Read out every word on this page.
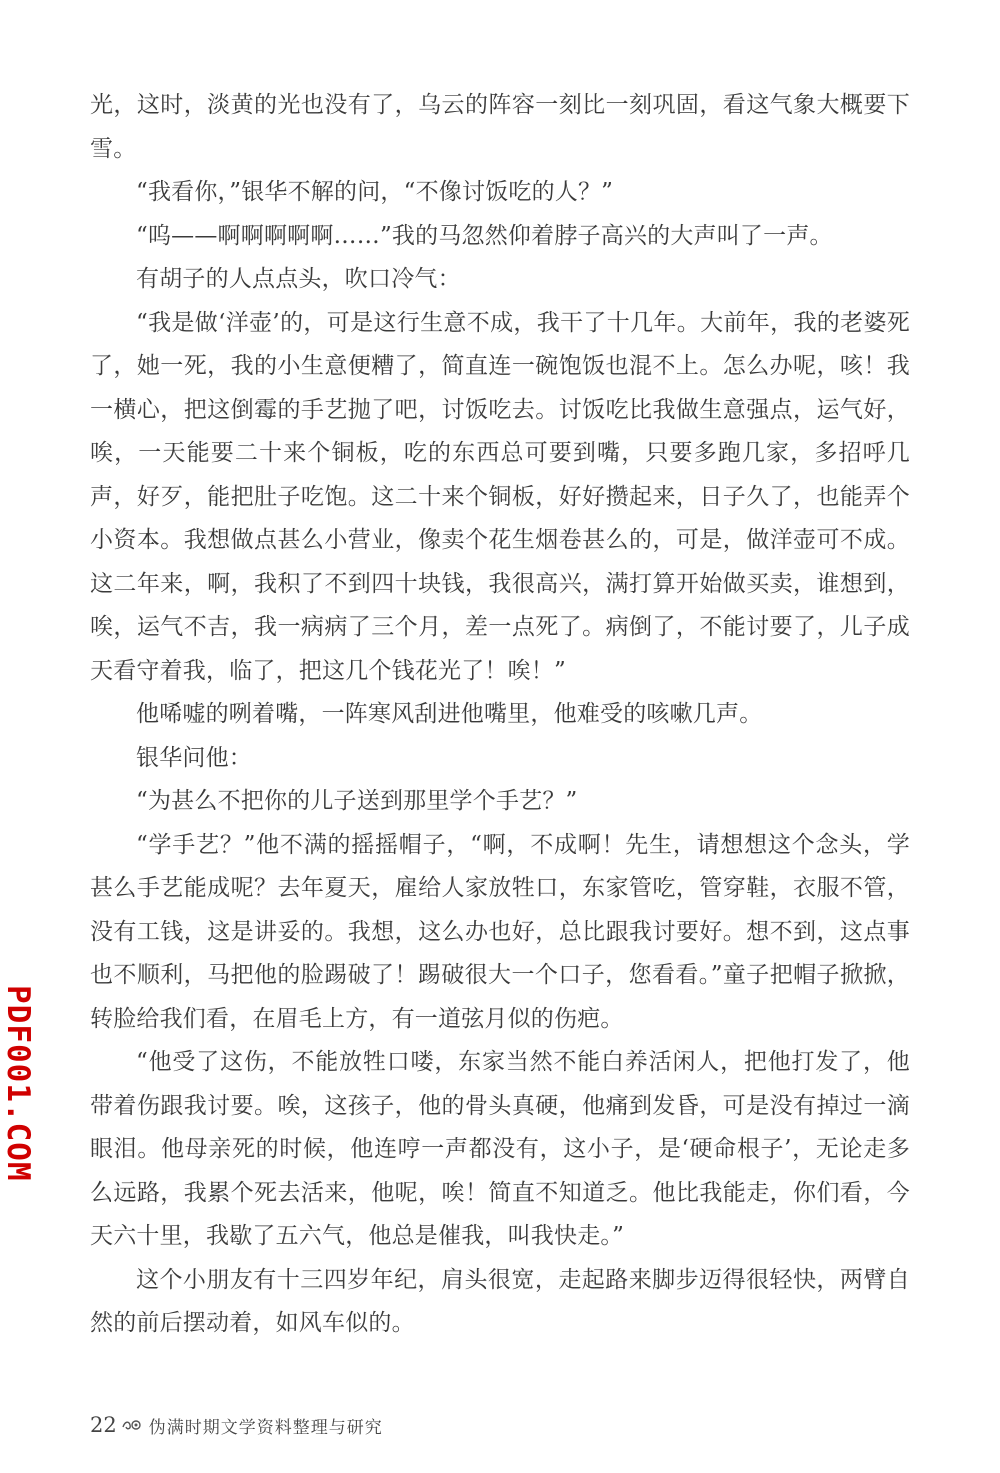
光，这时，淡黄的光也没有了，乌云的阵容一刻比一刻巩固，看这气象大概要下雪。

“我看你，”银华不解的问，“不像讨饭吃的人？”

“呜——啊啊啊啊啊……”我的马忽然仰着脖子高兴的大声叫了一声。

有胡子的人点点头，吹口冷气：

“我是做‘洋壶’的，可是这行生意不成，我干了十几年。大前年，我的老婆死了，她一死，我的小生意便糟了，简直连一碗饱饭也混不上。怎么办呢，咳！我一横心，把这倒霉的手艺抛了吧，讨饭吃去。讨饭吃比我做生意强点，运气好，唉，一天能要二十来个铜板，吃的东西总可要到嘴，只要多跑几家，多招呼几声，好歹，能把肚子吃饱。这二十来个铜板，好好攒起来，日子久了，也能弄个小资本。我想做点甚么小营业，像卖个花生烟卷甚么的，可是，做洋壶可不成。这二年来，啊，我积了不到四十块钱，我很高兴，满打算开始做买卖，谁想到，唉，运气不吉，我一病病了三个月，差一点死了。病倒了，不能讨要了，儿子成天看守着我，临了，把这几个钱花光了！唉！”

他唏嘘的咧着嘴，一阵寒风刮进他嘴里，他难受的咳嗽几声。

银华问他：

“为甚么不把你的儿子送到那里学个手艺？”

“学手艺？”他不满的摇摇帽子，“啊，不成啊！先生，请想想这个念头，学甚么手艺能成呢？去年夏天，雇给人家放牲口，东家管吃，管穿鞋，衣服不管，没有工钱，这是讲妥的。我想，这么办也好，总比跟我讨要好。想不到，这点事也不顺利，马把他的脸踢破了！踢破很大一个口子，您看看。”童子把帽子掀掀，转脸给我们看，在眉毛上方，有一道弦月似的伤疤。

“他受了这伤，不能放牲口喽，东家当然不能白养活闲人，把他打发了，他带着伤跟我讨要。唉，这孩子，他的骨头真硬，他痛到发昏，可是没有掉过一滴眼泪。他母亲死的时候，他连哼一声都没有，这小子，是‘硬命根子’，无论走多么远路，我累个死去活来，他呢，唉！简直不知道乏。他比我能走，你们看，今天六十里，我歇了五六气，他总是催我，叫我快走。”

这个小朋友有十三四岁年纪，肩头很宽，走起路来脚步迈得很轻快，两臂自然的前后摆动着，如风车似的。

PDF001.COM
22 伪满时期文学资料整理与研究
